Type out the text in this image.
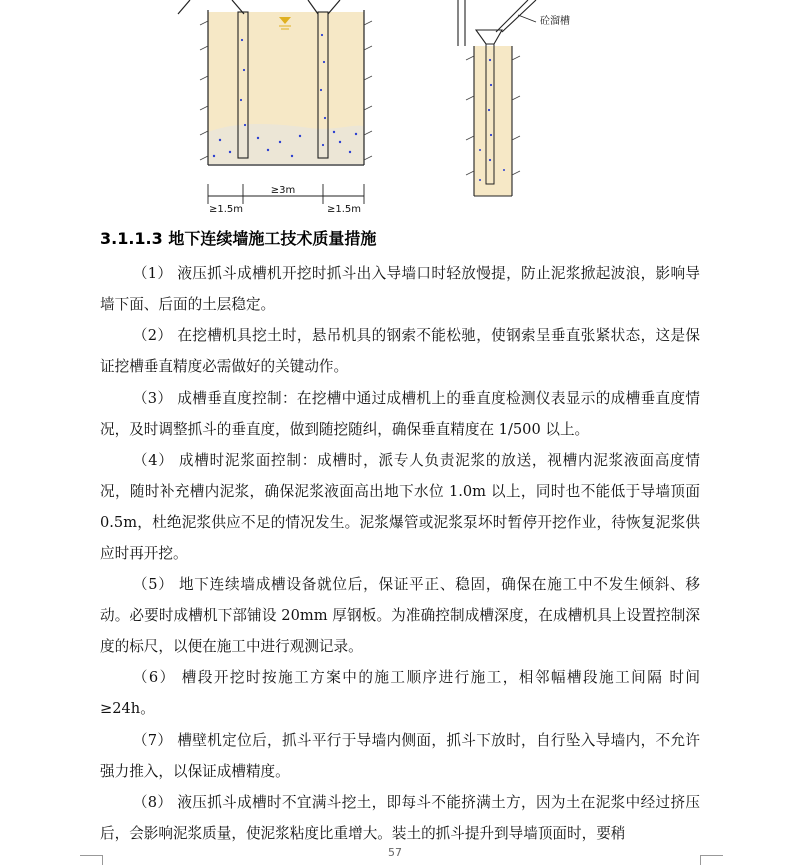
≥3m
≥1.5m	≥1.5m
砼溜槽
3.1.1.3 地下连续墙施工技术质量措施
（1） 液压抓斗成槽机开挖时抓斗出入导墙口时轻放慢提，防止泥浆掀起波浪，影响导墙下面、后面的土层稳定。
（2） 在挖槽机具挖土时，悬吊机具的钢索不能松驰，使钢索呈垂直张紧状态，这是保证挖槽垂直精度必需做好的关键动作。
（3） 成槽垂直度控制：在挖槽中通过成槽机上的垂直度检测仪表显示的成槽垂直度情况，及时调整抓斗的垂直度，做到随挖随纠，确保垂直精度在 1/500 以上。
（4） 成槽时泥浆面控制：成槽时，派专人负责泥浆的放送，视槽内泥浆液面高度情况，随时补充槽内泥浆，确保泥浆液面高出地下水位 1.0m 以上，同时也不能低于导墙顶面 0.5m，杜绝泥浆供应不足的情况发生。泥浆爆管或泥浆泵坏时暂停开挖作业，待恢复泥浆供应时再开挖。
（5） 地下连续墙成槽设备就位后，保证平正、稳固，确保在施工中不发生倾斜、移动。必要时成槽机下部铺设 20mm 厚钢板。为准确控制成槽深度，在成槽机具上设置控制深度的标尺，以便在施工中进行观测记录。
（6） 槽段开挖时按施工方案中的施工顺序进行施工，相邻幅槽段施工间隔 时间≥24h。
（7） 槽壁机定位后，抓斗平行于导墙内侧面，抓斗下放时，自行坠入导墙内，不允许强力推入，以保证成槽精度。
（8） 液压抓斗成槽时不宜满斗挖土，即每斗不能挤满土方，因为土在泥浆中经过挤压后，会影响泥浆质量，使泥浆粘度比重增大。装土的抓斗提升到导墙顶面时，要稍
57
